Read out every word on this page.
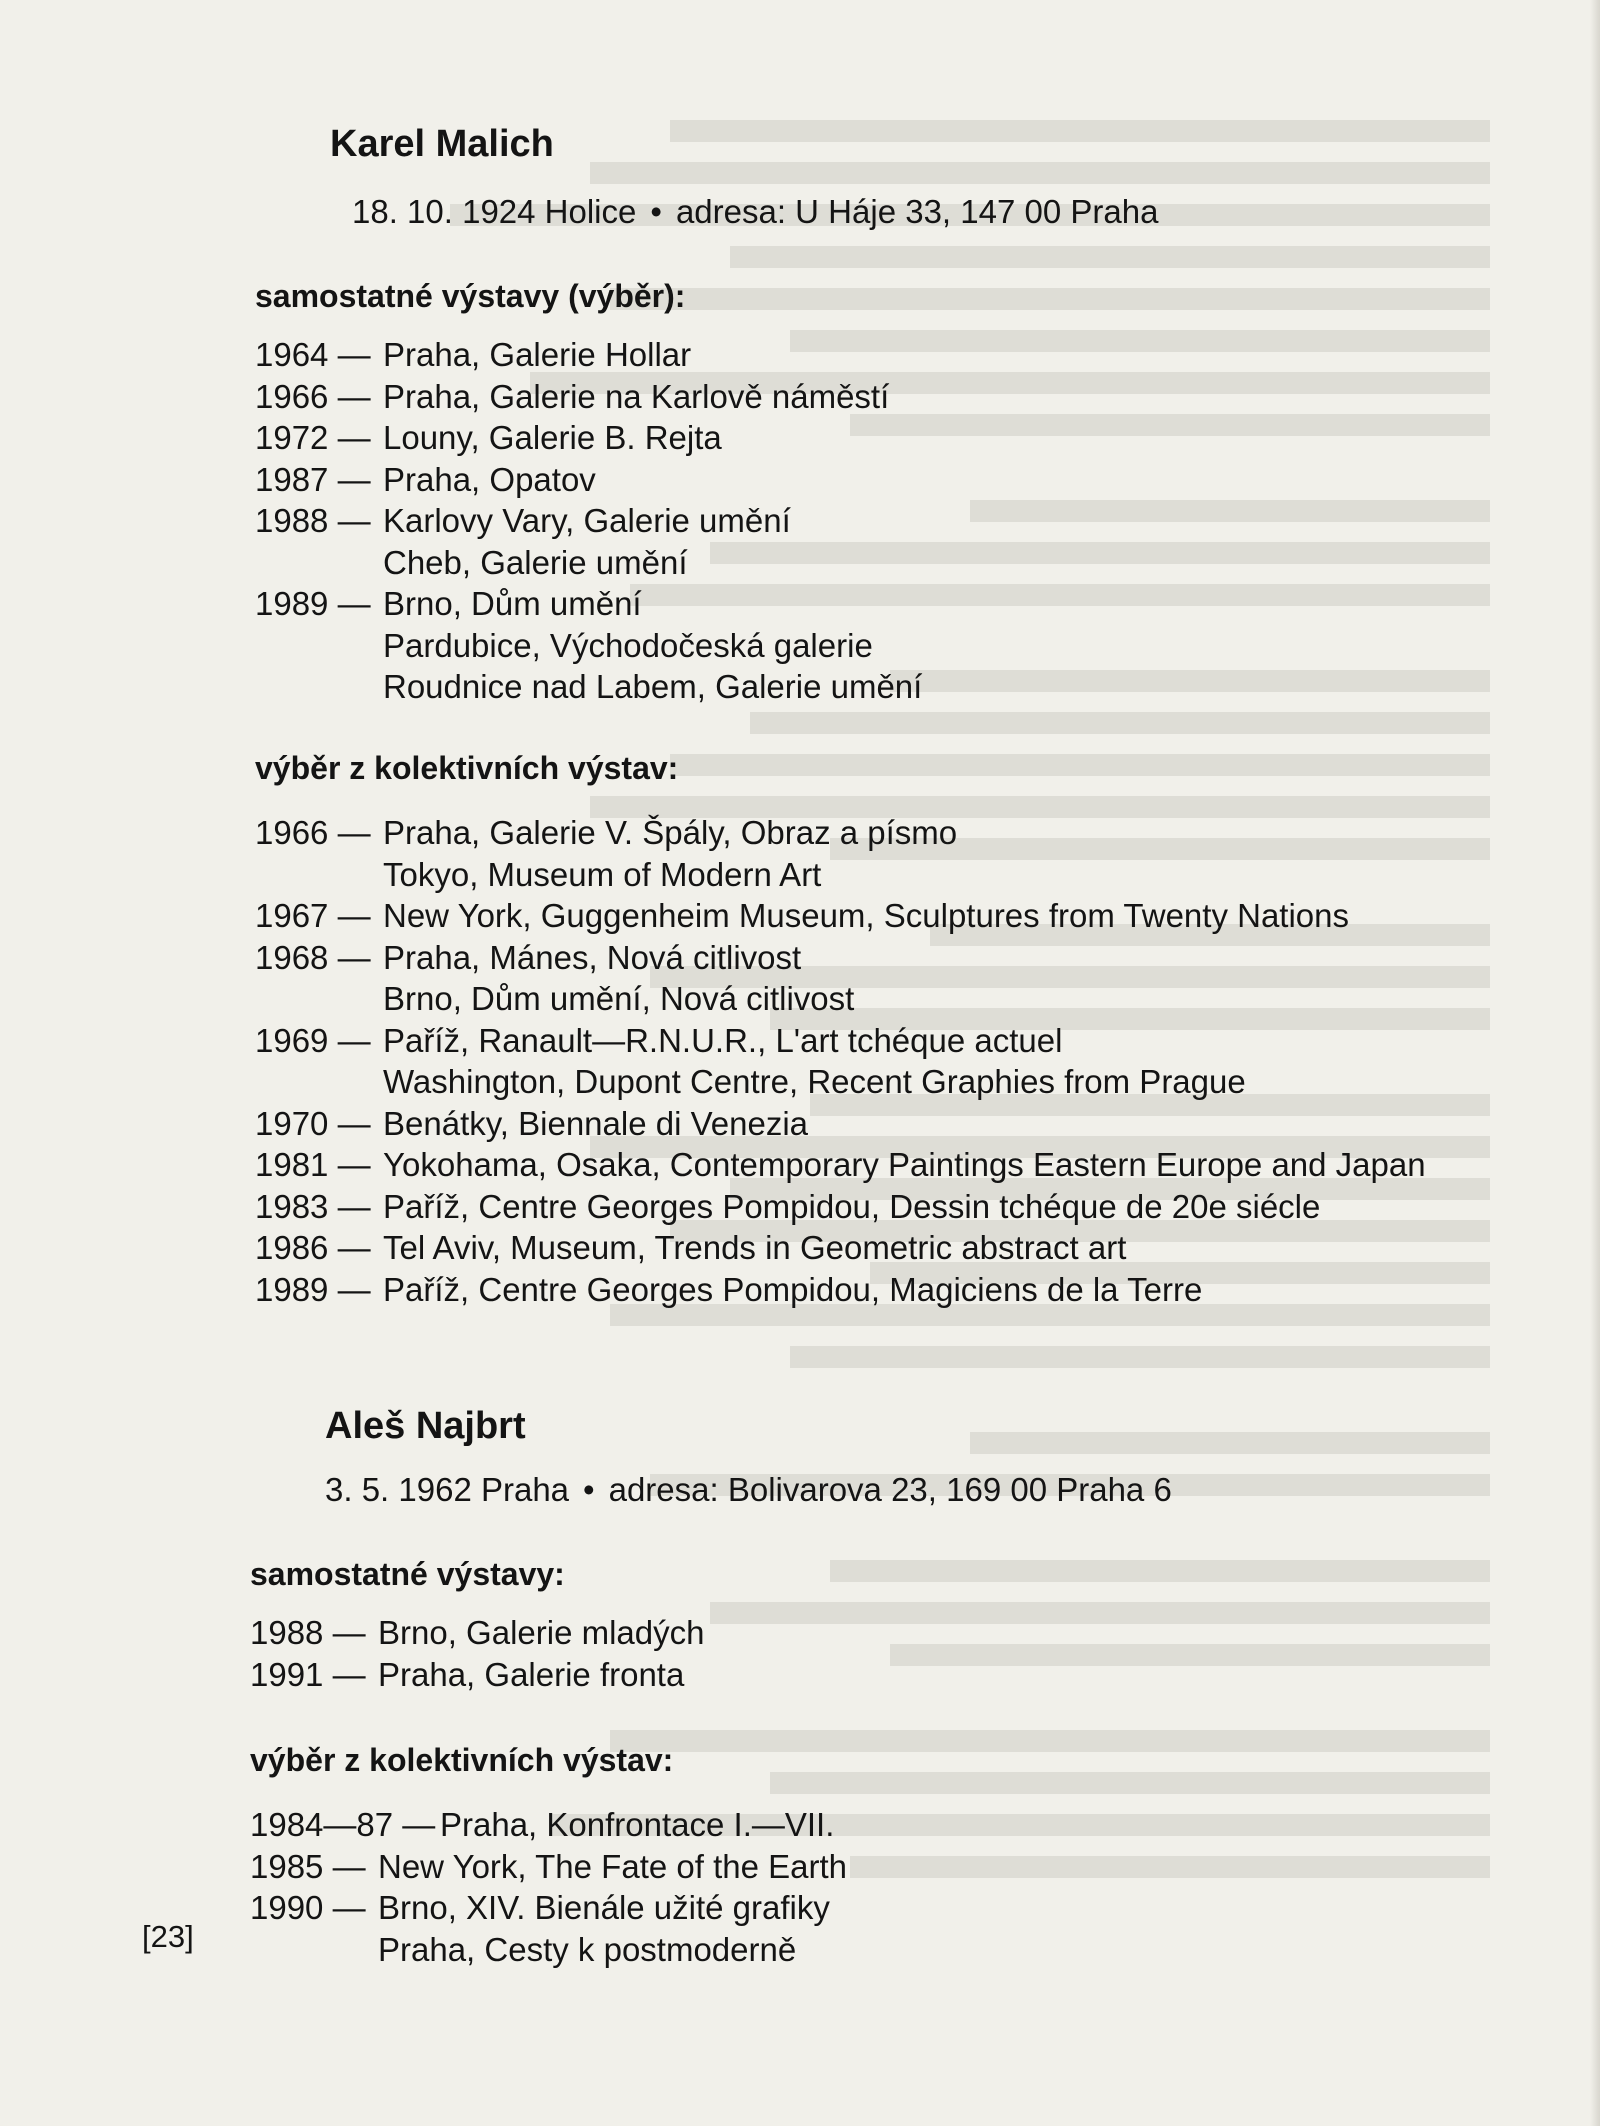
Karel Malich
18. 10. 1924 Holice • adresa: U Háje 33, 147 00 Praha
samostatné výstavy (výběr):
1964 — Praha, Galerie Hollar
1966 — Praha, Galerie na Karlově náměstí
1972 — Louny, Galerie B. Rejta
1987 — Praha, Opatov
1988 — Karlovy Vary, Galerie umění
Cheb, Galerie umění
1989 — Brno, Dům umění
Pardubice, Východočeská galerie
Roudnice nad Labem, Galerie umění
výběr z kolektivních výstav:
1966 — Praha, Galerie V. Špály, Obraz a písmo
Tokyo, Museum of Modern Art
1967 — New York, Guggenheim Museum, Sculptures from Twenty Nations
1968 — Praha, Mánes, Nová citlivost
Brno, Dům umění, Nová citlivost
1969 — Paříž, Ranault—R.N.U.R., L'art tchéque actuel
Washington, Dupont Centre, Recent Graphies from Prague
1970 — Benátky, Biennale di Venezia
1981 — Yokohama, Osaka, Contemporary Paintings Eastern Europe and Japan
1983 — Paříž, Centre Georges Pompidou, Dessin tchéque de 20e siécle
1986 — Tel Aviv, Museum, Trends in Geometric abstract art
1989 — Paříž, Centre Georges Pompidou, Magiciens de la Terre
Aleš Najbrt
3. 5. 1962 Praha • adresa: Bolivarova 23, 169 00 Praha 6
samostatné výstavy:
1988 — Brno, Galerie mladých
1991 — Praha, Galerie fronta
výběr z kolektivních výstav:
1984—87 — Praha, Konfrontace I.—VII.
1985 — New York, The Fate of the Earth
1990 — Brno, XIV. Bienále užité grafiky
Praha, Cesty k postmoderně
[23]
